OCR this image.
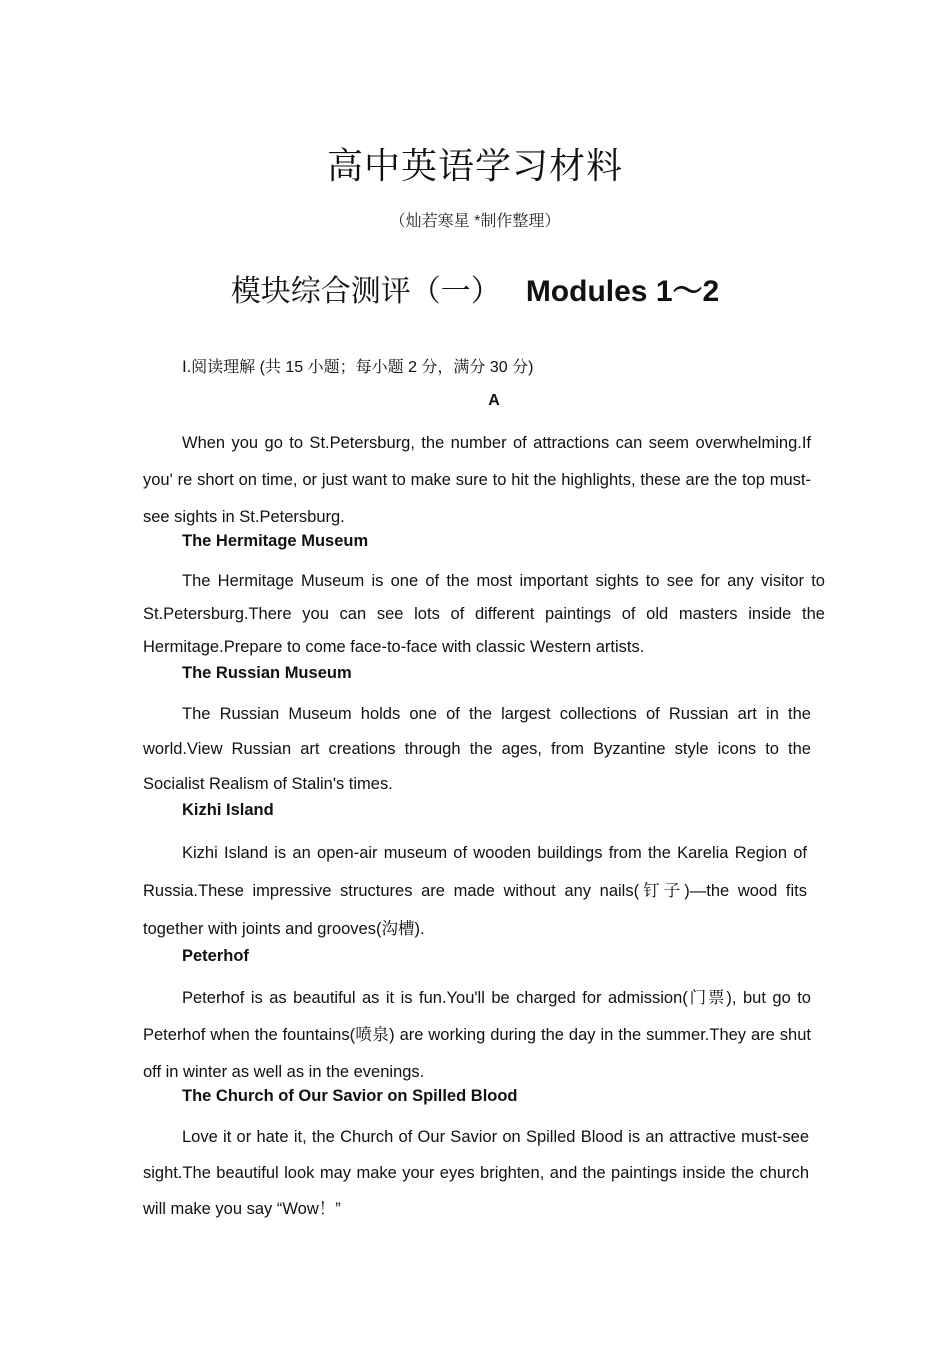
高中英语学习材料
（灿若寒星 *制作整理）
模块综合测评（一） Modules 1～2
Ⅰ.阅读理解 (共 15 小题；每小题 2 分，满分 30 分)
A

When you go to St.Petersburg, the number of attractions can seem overwhelming.If you' re short on time, or just want to make sure to hit the highlights, these are the top must-see sights in St.Petersburg.

The Hermitage Museum

The Hermitage Museum is one of the most important sights to see for any visitor to St.Petersburg.There you can see lots of different paintings of old masters inside the Hermitage.Prepare to come face-to-face with classic Western artists.

The Russian Museum

The Russian Museum holds one of the largest collections of Russian art in the world.View Russian art creations through the ages, from Byzantine style icons to the Socialist Realism of Stalin's times.

Kizhi Island

Kizhi Island is an open-air museum of wooden buildings from the Karelia Region of Russia.These impressive structures are made without any nails(钉子)—the wood fits together with joints and grooves(沟槽).

Peterhof

Peterhof is as beautiful as it is fun.You'll be charged for admission(门票), but go to Peterhof when the fountains(喷泉) are working during the day in the summer.They are shut off in winter as well as in the evenings.

The Church of Our Savior on Spilled Blood

Love it or hate it, the Church of Our Savior on Spilled Blood is an attractive must-see sight.The beautiful look may make your eyes brighten, and the paintings inside the church will make you say “Wow！”
